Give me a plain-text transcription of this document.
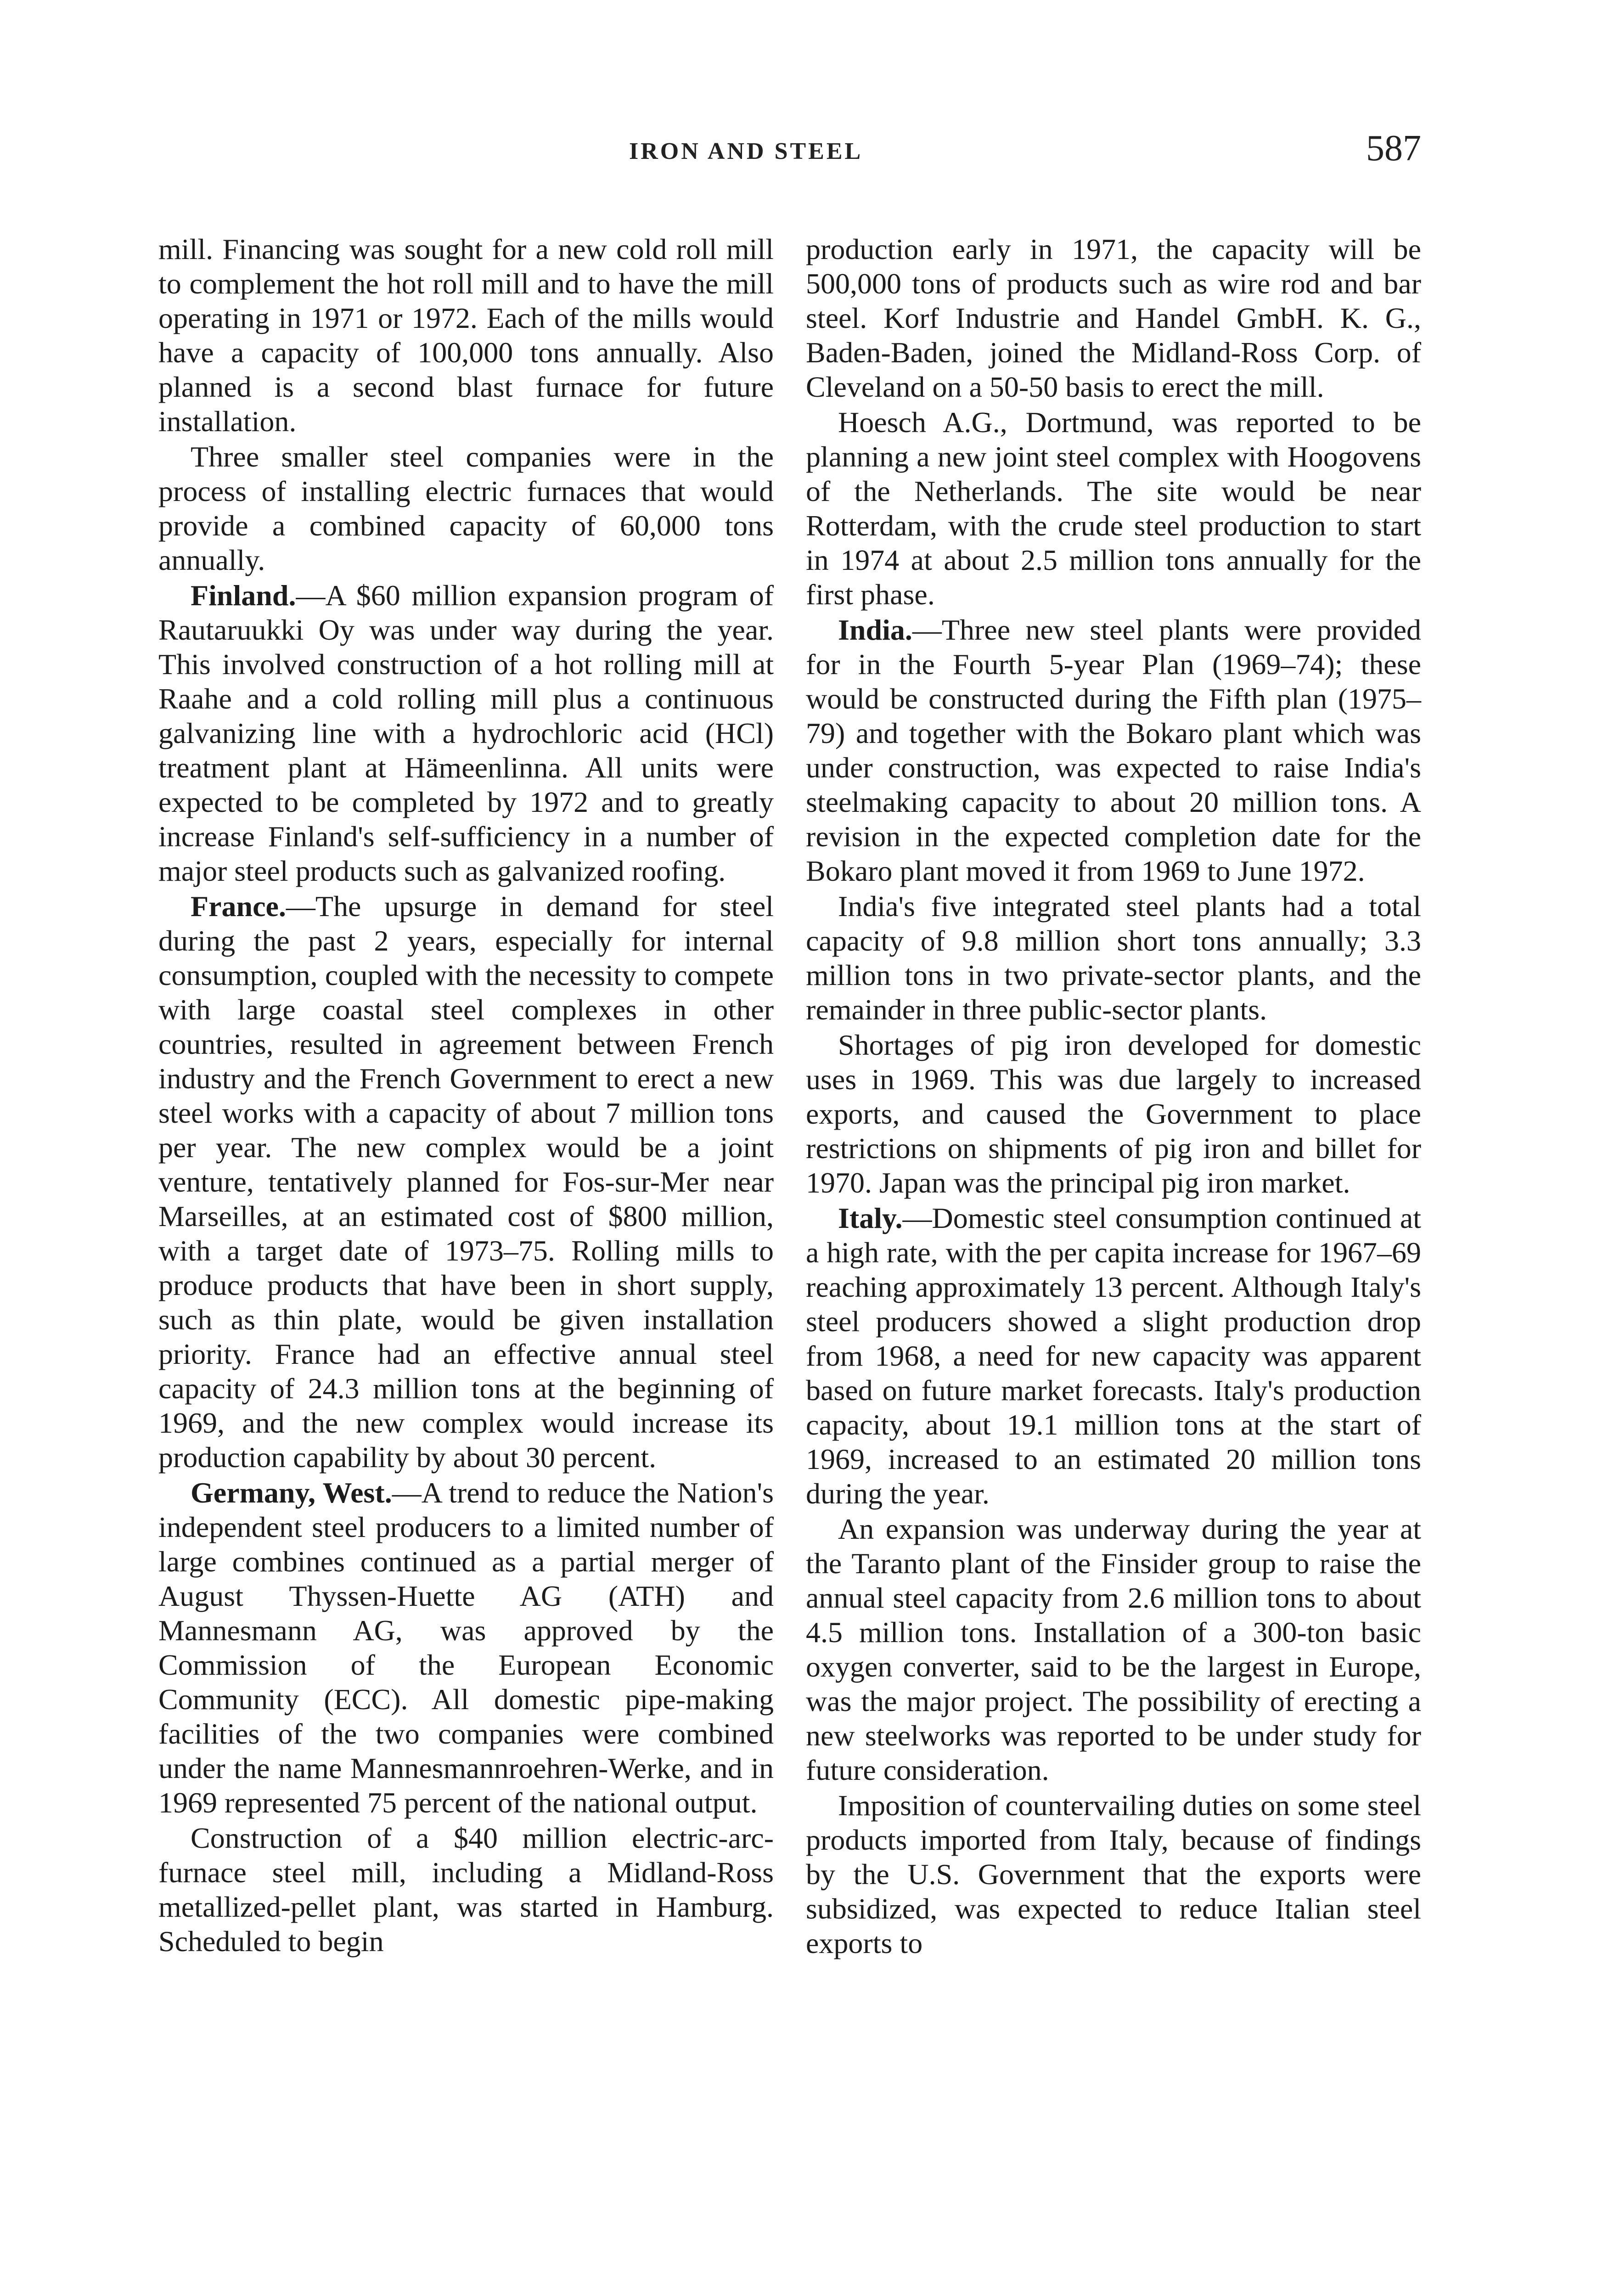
IRON AND STEEL	587

mill. Financing was sought for a new cold roll mill to complement the hot roll mill and to have the mill operating in 1971 or 1972. Each of the mills would have a capacity of 100,000 tons annually. Also planned is a second blast furnace for future installation.

Three smaller steel companies were in the process of installing electric furnaces that would provide a combined capacity of 60,000 tons annually.

Finland.—A $60 million expansion program of Rautaruukki Oy was under way during the year. This involved construction of a hot rolling mill at Raahe and a cold rolling mill plus a continuous galvanizing line with a hydrochloric acid (HCl) treatment plant at Hämeenlinna. All units were expected to be completed by 1972 and to greatly increase Finland's self-sufficiency in a number of major steel products such as galvanized roofing.

France.—The upsurge in demand for steel during the past 2 years, especially for internal consumption, coupled with the necessity to compete with large coastal steel complexes in other countries, resulted in agreement between French industry and the French Government to erect a new steel works with a capacity of about 7 million tons per year. The new complex would be a joint venture, tentatively planned for Fos-sur-Mer near Marseilles, at an estimated cost of $800 million, with a target date of 1973–75. Rolling mills to produce products that have been in short supply, such as thin plate, would be given installation priority. France had an effective annual steel capacity of 24.3 million tons at the beginning of 1969, and the new complex would increase its production capability by about 30 percent.

Germany, West.—A trend to reduce the Nation's independent steel producers to a limited number of large combines continued as a partial merger of August Thyssen-Huette AG (ATH) and Mannesmann AG, was approved by the Commission of the European Economic Community (ECC). All domestic pipe-making facilities of the two companies were combined under the name Mannesmannroehren-Werke, and in 1969 represented 75 percent of the national output.

Construction of a $40 million electric-arc-furnace steel mill, including a Midland-Ross metallized-pellet plant, was started in Hamburg. Scheduled to begin

production early in 1971, the capacity will be 500,000 tons of products such as wire rod and bar steel. Korf Industrie and Handel GmbH. K. G., Baden-Baden, joined the Midland-Ross Corp. of Cleveland on a 50-50 basis to erect the mill.

Hoesch A.G., Dortmund, was reported to be planning a new joint steel complex with Hoogovens of the Netherlands. The site would be near Rotterdam, with the crude steel production to start in 1974 at about 2.5 million tons annually for the first phase.

India.—Three new steel plants were provided for in the Fourth 5-year Plan (1969–74); these would be constructed during the Fifth plan (1975–79) and together with the Bokaro plant which was under construction, was expected to raise India's steelmaking capacity to about 20 million tons. A revision in the expected completion date for the Bokaro plant moved it from 1969 to June 1972.

India's five integrated steel plants had a total capacity of 9.8 million short tons annually; 3.3 million tons in two private-sector plants, and the remainder in three public-sector plants.

Shortages of pig iron developed for domestic uses in 1969. This was due largely to increased exports, and caused the Government to place restrictions on shipments of pig iron and billet for 1970. Japan was the principal pig iron market.

Italy.—Domestic steel consumption continued at a high rate, with the per capita increase for 1967–69 reaching approximately 13 percent. Although Italy's steel producers showed a slight production drop from 1968, a need for new capacity was apparent based on future market forecasts. Italy's production capacity, about 19.1 million tons at the start of 1969, increased to an estimated 20 million tons during the year.

An expansion was underway during the year at the Taranto plant of the Finsider group to raise the annual steel capacity from 2.6 million tons to about 4.5 million tons. Installation of a 300-ton basic oxygen converter, said to be the largest in Europe, was the major project. The possibility of erecting a new steelworks was reported to be under study for future consideration.

Imposition of countervailing duties on some steel products imported from Italy, because of findings by the U.S. Government that the exports were subsidized, was expected to reduce Italian steel exports to
